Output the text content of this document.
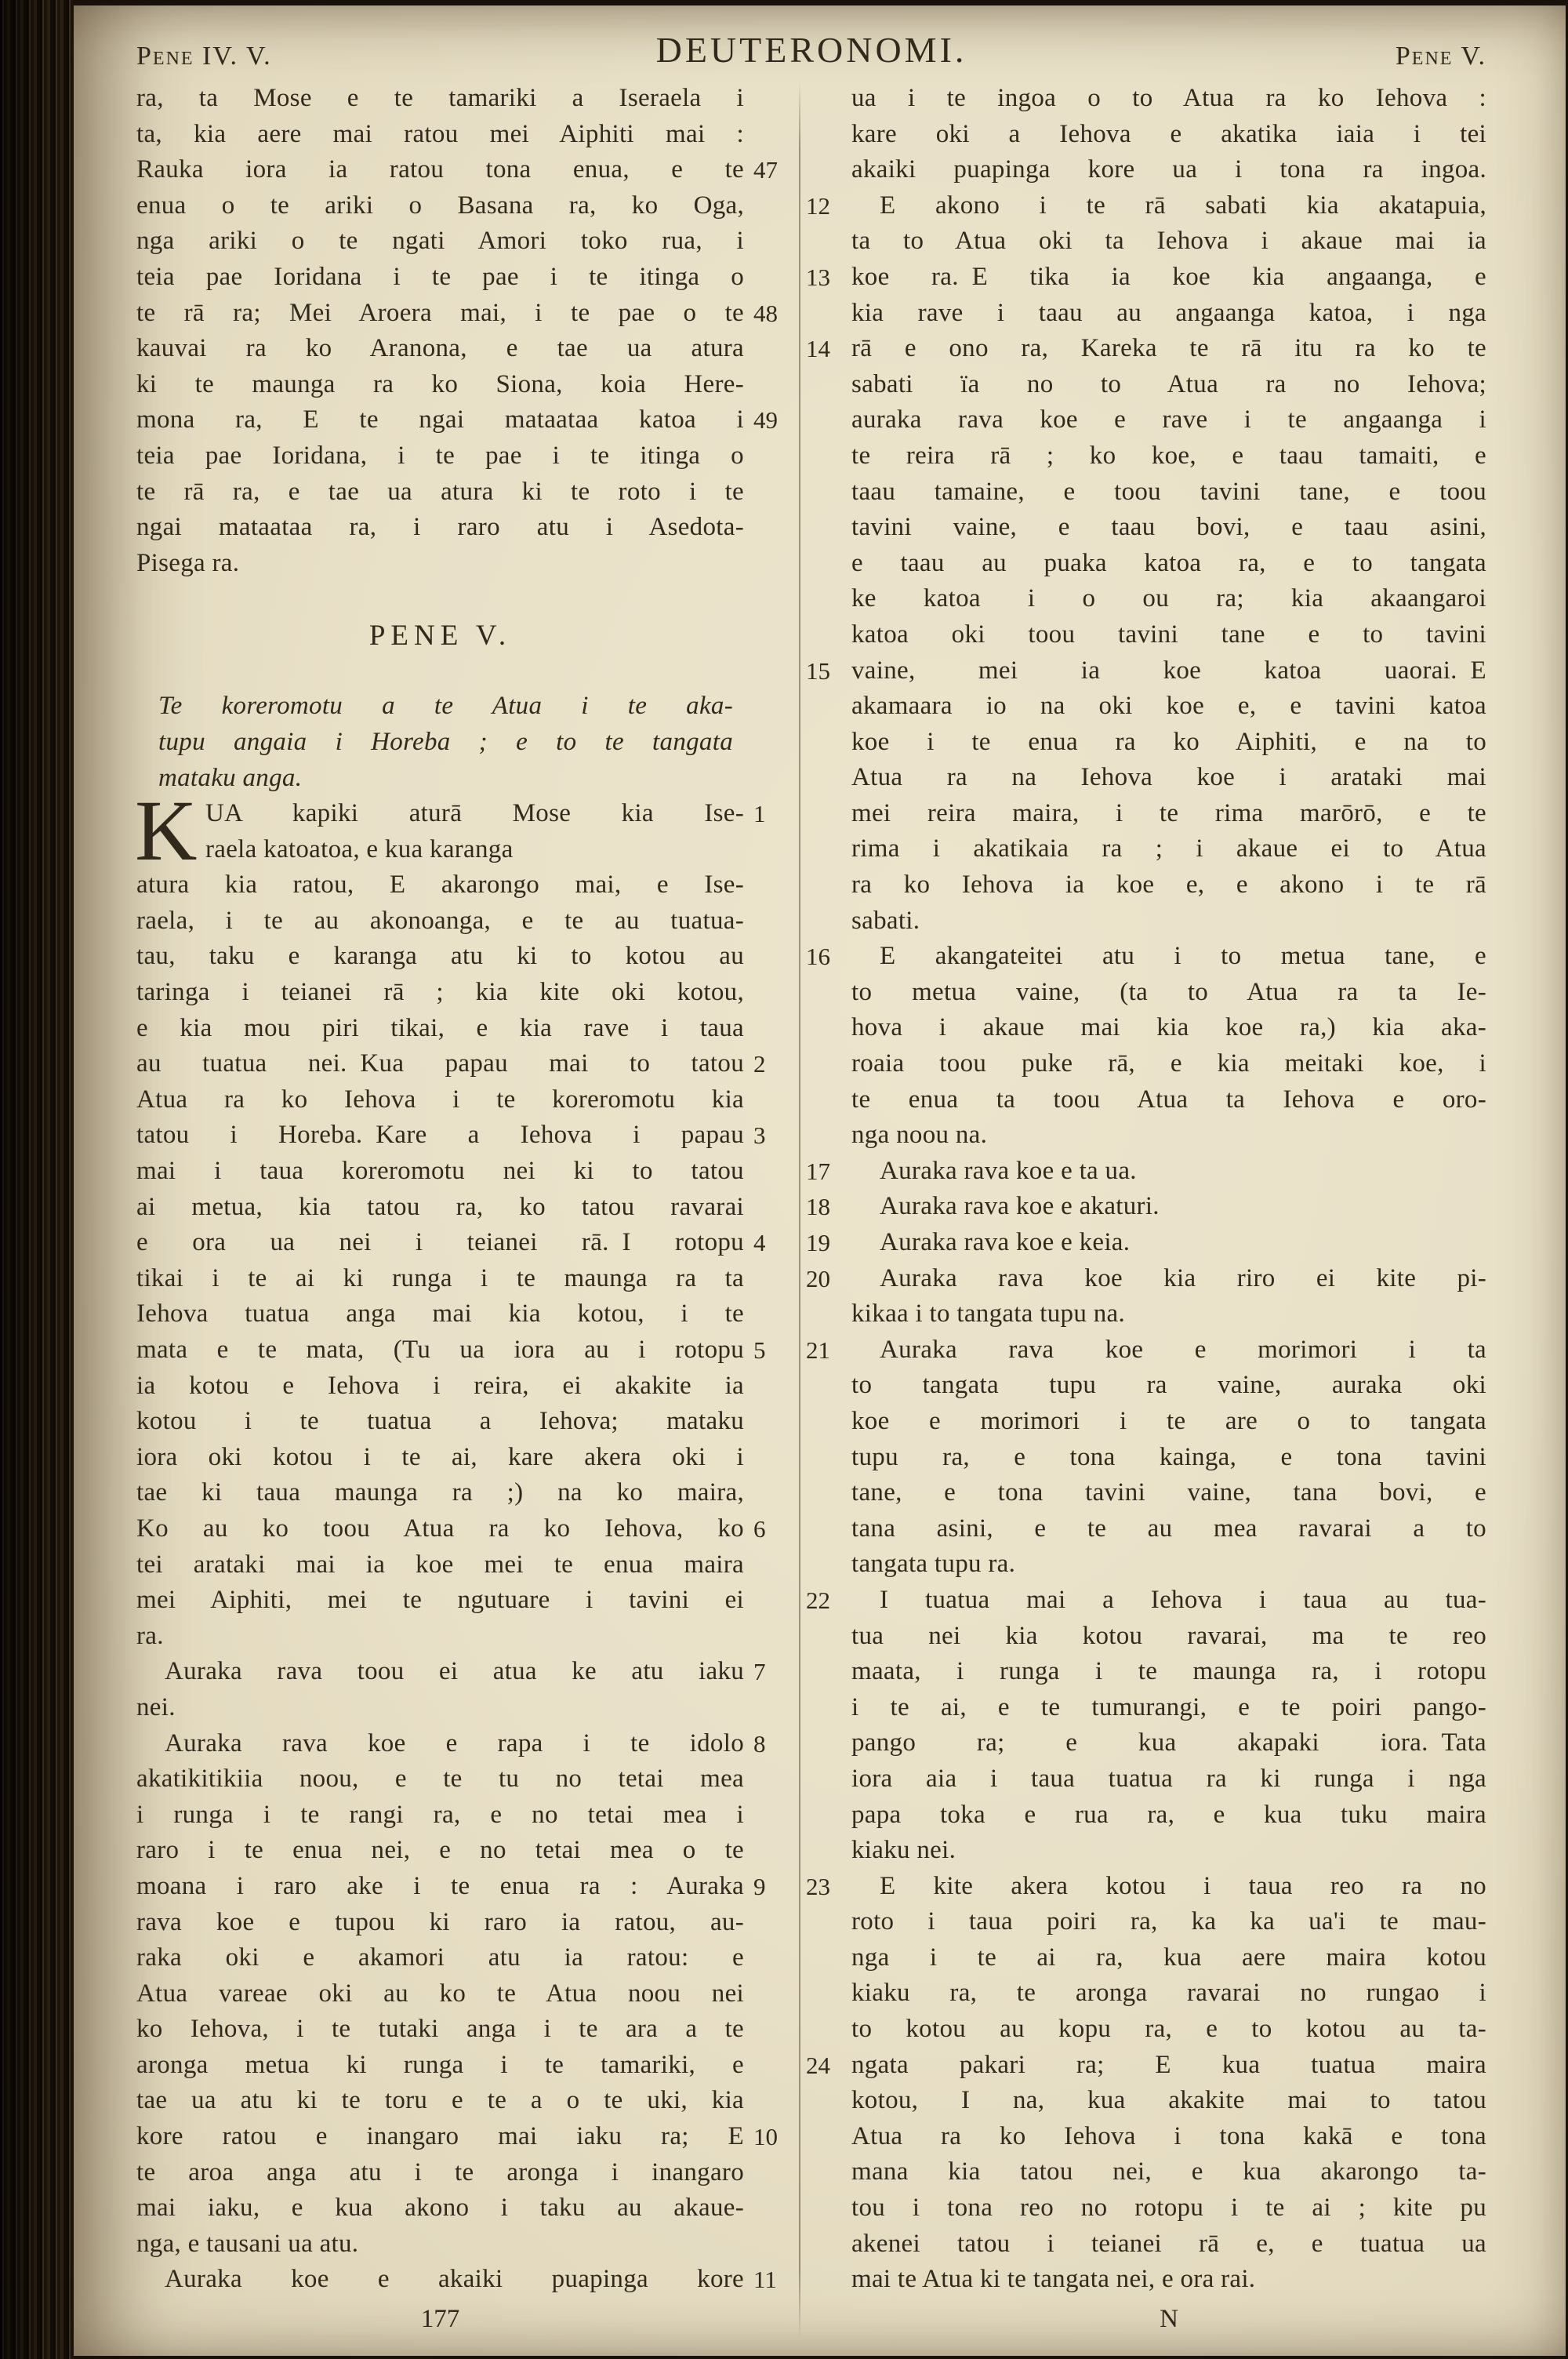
Pene IV. V.	DEUTERONOMI.	Pene V.
ra, ta Mose e te tamariki a Iseraela i
ta, kia aere mai ratou mei Aiphiti mai :
Rauka iora ia ratou tona enua, e te 47
enua o te ariki o Basana ra, ko Oga,
nga ariki o te ngati Amori toko rua, i
teia pae Ioridana i te pae i te itinga o
te rā ra; Mei Aroera mai, i te pae o te 48
kauvai ra ko Aranona, e tae ua atura
ki te maunga ra ko Siona, koia Here-
mona ra, E te ngai mataataa katoa i 49
teia pae Ioridana, i te pae i te itinga o
te rā ra, e tae ua atura ki te roto i te
ngai mataataa ra, i raro atu i Asedota-
Pisega ra.
PENE V.
Te koreromotu a te Atua i te aka-
tupu angaia i Horeba ; e to te tangata
mataku anga.
UA kapiki aturā Mose kia Ise-
K	1
raela katoatoa, e kua karanga
atura kia ratou, E akarongo mai, e Ise-
raela, i te au akonoanga, e te au tuatua-
tau, taku e karanga atu ki to kotou au
taringa i teianei rā ; kia kite oki kotou,
e kia mou piri tikai, e kia rave i taua
au tuatua nei. Kua papau mai to tatou 2
Atua ra ko Iehova i te koreromotu kia
tatou i Horeba. Kare a Iehova i papau 3
mai i taua koreromotu nei ki to tatou
ai metua, kia tatou ra, ko tatou ravarai
e ora ua nei i teianei rā. I rotopu 4
tikai i te ai ki runga i te maunga ra ta
Iehova tuatua anga mai kia kotou, i te
mata e te mata, (Tu ua iora au i rotopu 5
ia kotou e Iehova i reira, ei akakite ia
kotou i te tuatua a Iehova; mataku
iora oki kotou i te ai, kare akera oki i
tae ki taua maunga ra ;) na ko maira,
Ko au ko toou Atua ra ko Iehova, ko 6
tei arataki mai ia koe mei te enua maira
mei Aiphiti, mei te ngutuare i tavini ei
ra.
Auraka rava toou ei atua ke atu iaku 7
nei.
Auraka rava koe e rapa i te idolo 8
akatikitikiia noou, e te tu no tetai mea
i runga i te rangi ra, e no tetai mea i
raro i te enua nei, e no tetai mea o te
moana i raro ake i te enua ra : Auraka 9
rava koe e tupou ki raro ia ratou, au-
raka oki e akamori atu ia ratou: e
Atua vareae oki au ko te Atua noou nei
ko Iehova, i te tutaki anga i te ara a te
aronga metua ki runga i te tamariki, e
tae ua atu ki te toru e te a o te uki, kia
kore ratou e inangaro mai iaku ra; E 10
te aroa anga atu i te aronga i inangaro
mai iaku, e kua akono i taku au akaue-
nga, e tausani ua atu.
Auraka koe e akaiki puapinga kore 11
ua i te ingoa o to Atua ra ko Iehova :
kare oki a Iehova e akatika iaia i tei
akaiki puapinga kore ua i tona ra ingoa.
E akono i te rā sabati kia akatapuia,
12
ta to Atua oki ta Iehova i akaue mai ia
koe ra. E tika ia koe kia angaanga, e
13
kia rave i taau au angaanga katoa, i nga
rā e ono ra, Kareka te rā itu ra ko te
14
sabati ïa no to Atua ra no Iehova;
auraka rava koe e rave i te angaanga i
te reira rā ; ko koe, e taau tamaiti, e
taau tamaine, e toou tavini tane, e toou
tavini vaine, e taau bovi, e taau asini,
e taau au puaka katoa ra, e to tangata
ke katoa i o ou ra; kia akaangaroi
katoa oki toou tavini tane e to tavini
vaine, mei ia koe katoa uaorai. E
15
akamaara io na oki koe e, e tavini katoa
koe i te enua ra ko Aiphiti, e na to
Atua ra na Iehova koe i arataki mai
mei reira maira, i te rima marōrō, e te
rima i akatikaia ra ; i akaue ei to Atua
ra ko Iehova ia koe e, e akono i te rā
sabati.
E akangateitei atu i to metua tane, e
16
to metua vaine, (ta to Atua ra ta Ie-
hova i akaue mai kia koe ra,) kia aka-
roaia toou puke rā, e kia meitaki koe, i
te enua ta toou Atua ta Iehova e oro-
nga noou na.
Auraka rava koe e ta ua.
17
Auraka rava koe e akaturi.
18
Auraka rava koe e keia.
19
Auraka rava koe kia riro ei kite pi-
20
kikaa i to tangata tupu na.
Auraka rava koe e morimori i ta
21
to tangata tupu ra vaine, auraka oki
koe e morimori i te are o to tangata
tupu ra, e tona kainga, e tona tavini
tane, e tona tavini vaine, tana bovi, e
tana asini, e te au mea ravarai a to
tangata tupu ra.
I tuatua mai a Iehova i taua au tua-
22
tua nei kia kotou ravarai, ma te reo
maata, i runga i te maunga ra, i rotopu
i te ai, e te tumurangi, e te poiri pango-
pango ra; e kua akapaki iora. Tata
iora aia i taua tuatua ra ki runga i nga
papa toka e rua ra, e kua tuku maira
kiaku nei.
E kite akera kotou i taua reo ra no
23
roto i taua poiri ra, ka ka ua'i te mau-
nga i te ai ra, kua aere maira kotou
kiaku ra, te aronga ravarai no rungao i
to kotou au kopu ra, e to kotou au ta-
ngata pakari ra; E kua tuatua maira
24
kotou, I na, kua akakite mai to tatou
Atua ra ko Iehova i tona kakā e tona
mana kia tatou nei, e kua akarongo ta-
tou i tona reo no rotopu i te ai ; kite pu
akenei tatou i teianei rā e, e tuatua ua
mai te Atua ki te tangata nei, e ora rai.
177	N
